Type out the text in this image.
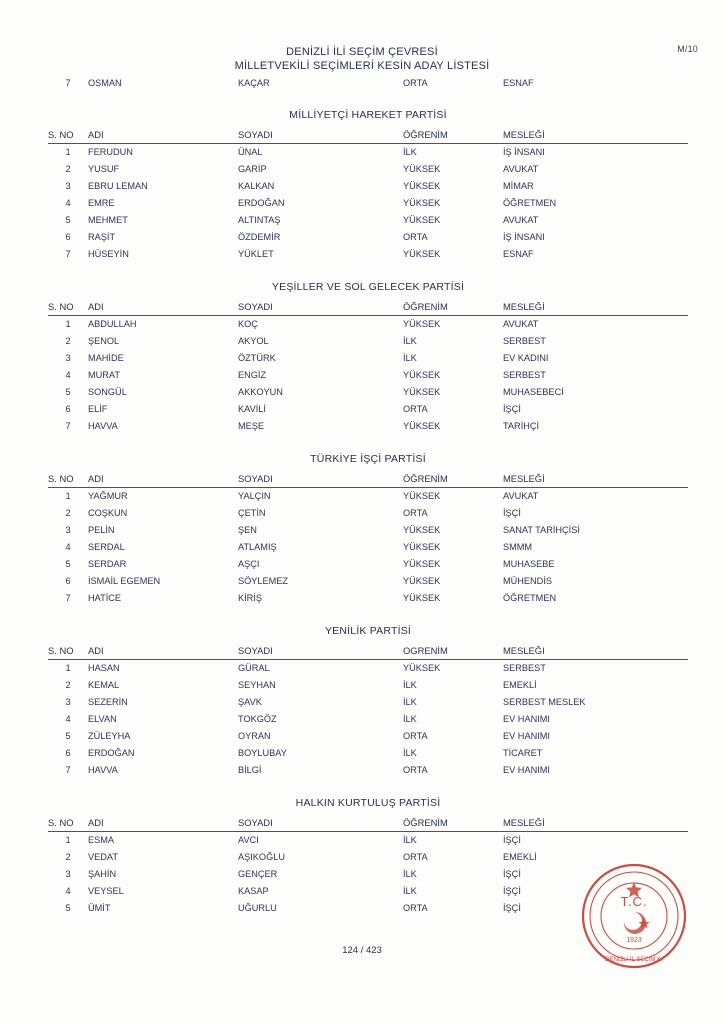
M/10
DENİZLİ İLİ SEÇİM ÇEVRESİ
MİLLETVEKİLİ SEÇİMLERİ KESİN ADAY LİSTESİ
7	OSMAN	KAÇAR	ORTA	ESNAF
MİLLİYETÇİ HAREKET PARTİSİ
S. NO	ADI	SOYADI	ÖĞRENİM	MESLEĞİ
1	FERUDUN	ÜNAL	İLK	İŞ İNSANI
2	YUSUF	GARİP	YÜKSEK	AVUKAT
3	EBRU LEMAN	KALKAN	YÜKSEK	MİMAR
4	EMRE	ERDOĞAN	YÜKSEK	ÖĞRETMEN
5	MEHMET	ALTINTAŞ	YÜKSEK	AVUKAT
6	RAŞİT	ÖZDEMİR	ORTA	İŞ İNSANI
7	HÜSEYİN	YÜKLET	YÜKSEK	ESNAF
YEŞİLLER VE SOL GELECEK PARTİSİ
S. NO	ADI	SOYADI	ÖĞRENİM	MESLEĞİ
1	ABDULLAH	KOÇ	YÜKSEK	AVUKAT
2	ŞENOL	AKYOL	İLK	SERBEST
3	MAHİDE	ÖZTÜRK	İLK	EV KADINI
4	MURAT	ENGİZ	YÜKSEK	SERBEST
5	SONGÜL	AKKOYUN	YÜKSEK	MUHASEBECİ
6	ELİF	KAVİLİ	ORTA	İŞÇİ
7	HAVVA	MEŞE	YÜKSEK	TARİHÇİ
TÜRKİYE İŞÇİ PARTİSİ
S. NO	ADI	SOYADI	ÖĞRENİM	MESLEĞİ
1	YAĞMUR	YALÇIN	YÜKSEK	AVUKAT
2	COŞKUN	ÇETİN	ORTA	İŞÇİ
3	PELİN	ŞEN	YÜKSEK	SANAT TARİHÇİSİ
4	SERDAL	ATLAMIŞ	YÜKSEK	SMMM
5	SERDAR	AŞÇI	YÜKSEK	MUHASEBE
6	İSMAİL EGEMEN	SÖYLEMEZ	YÜKSEK	MÜHENDİS
7	HATİCE	KİRİŞ	YÜKSEK	ÖĞRETMEN
YENİLİK PARTİSİ
S. NO	ADI	SOYADI	OGRENİM	MESLEĞI
1	HASAN	GÜRAL	YÜKSEK	SERBEST
2	KEMAL	SEYHAN	İLK	EMEKLİ
3	SEZERİN	ŞAVK	İLK	SERBEST MESLEK
4	ELVAN	TOKGÖZ	İLK	EV HANIMI
5	ZÜLEYHA	OYRAN	ORTA	EV HANIMI
6	ERDOĞAN	BOYLUBAY	İLK	TİCARET
7	HAVVA	BİLGİ	ORTA	EV HANIMI
HALKIN KURTULUŞ PARTİSİ
S. NO	ADI	SOYADI	ÖĞRENİM	MESLEĞİ
1	ESMA	AVCI	İLK	İŞÇİ
2	VEDAT	AŞIKOĞLU	ORTA	EMEKLİ
3	ŞAHİN	GENÇER	İLK	İŞÇİ
4	VEYSEL	KASAP	İLK	İŞÇİ
5	ÜMİT	UĞURLU	ORTA	İŞÇİ
124 / 423
T.C.
1923
DENİZLİ İL SEÇİM K.
